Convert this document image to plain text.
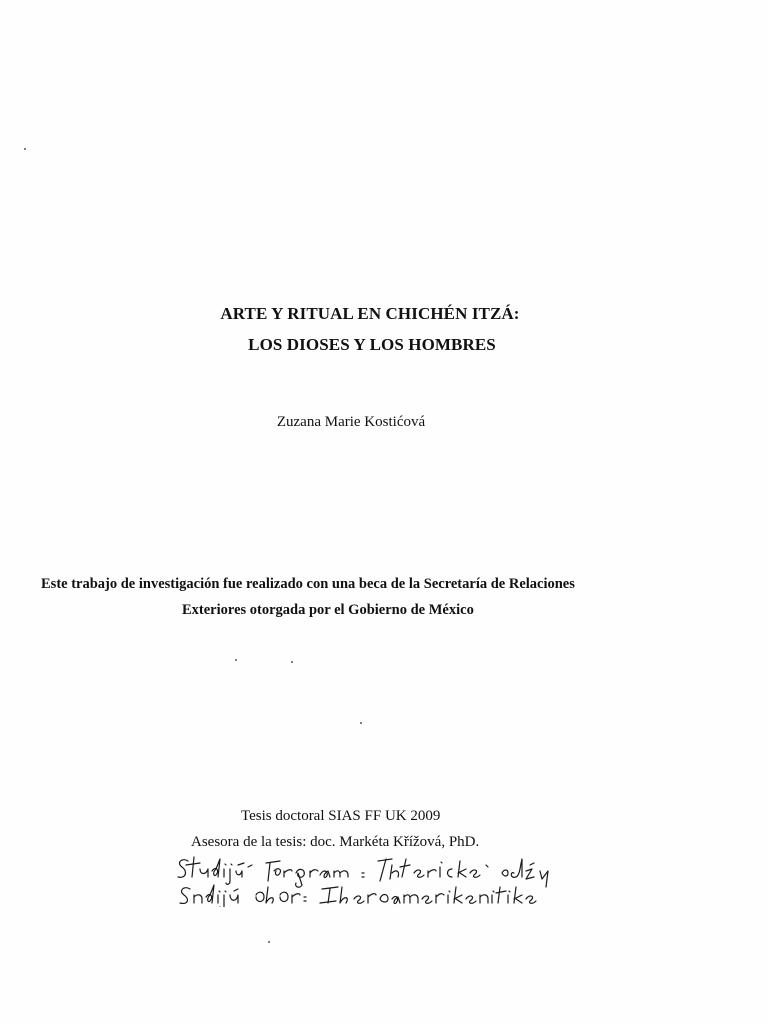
ARTE Y RITUAL EN CHICHÉN ITZÁ:
LOS DIOSES Y LOS HOMBRES
Zuzana Marie Kostićová
Este trabajo de investigación fue realizado con una beca de la Secretaría de Relaciones
Exteriores otorgada por el Gobierno de México
Tesis doctoral SIAS FF UK 2009
Asesora de la tesis: doc. Markéta Křížová, PhD.
